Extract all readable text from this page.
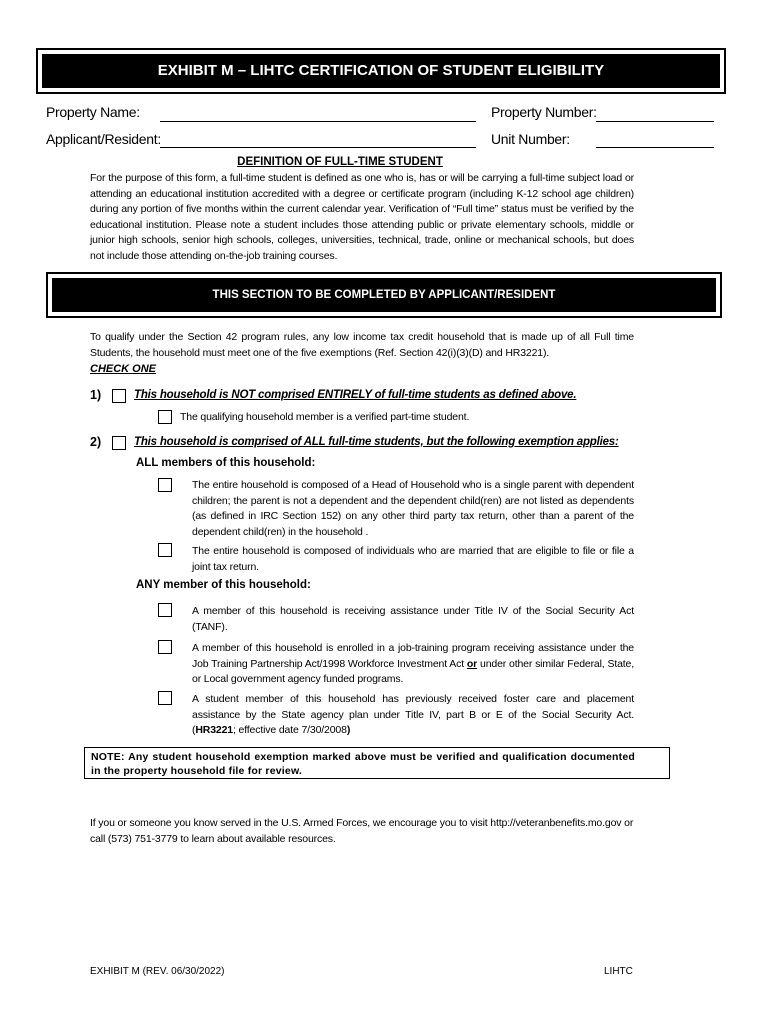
EXHIBIT M – LIHTC CERTIFICATION OF STUDENT ELIGIBILITY
Property Name:	Property Number:
Applicant/Resident:	Unit Number:
DEFINITION OF FULL-TIME STUDENT
For the purpose of this form, a full-time student is defined as one who is, has or will be carrying a full-time subject load or attending an educational institution accredited with a degree or certificate program (including K-12 school age children) during any portion of five months within the current calendar year. Verification of “Full time” status must be verified by the educational institution. Please note a student includes those attending public or private elementary schools, middle or junior high schools, senior high schools, colleges, universities, technical, trade, online or mechanical schools, but does not include those attending on-the-job training courses.
THIS SECTION TO BE COMPLETED BY APPLICANT/RESIDENT
To qualify under the Section 42 program rules, any low income tax credit household that is made up of all Full time Students, the household must meet one of the five exemptions (Ref. Section 42(i)(3)(D) and HR3221).
CHECK ONE
1)	This household is NOT comprised ENTIRELY of full-time students as defined above.
The qualifying household member is a verified part-time student.
2)	This household is comprised of ALL full-time students, but the following exemption applies:
ALL members of this household:
The entire household is composed of a Head of Household who is a single parent with dependent children; the parent is not a dependent and the dependent child(ren) are not listed as dependents (as defined in IRC Section 152) on any other third party tax return, other than a parent of the dependent child(ren) in the household .
The entire household is composed of individuals who are married that are eligible to file or file a joint tax return.
ANY member of this household:
A member of this household is receiving assistance under Title IV of the Social Security Act (TANF).
A member of this household is enrolled in a job-training program receiving assistance under the Job Training Partnership Act/1998 Workforce Investment Act or under other similar Federal, State, or Local government agency funded programs.
A student member of this household has previously received foster care and placement assistance by the State agency plan under Title IV, part B or E of the Social Security Act. (HR3221; effective date 7/30/2008)
NOTE: Any student household exemption marked above must be verified and qualification documented in the property household file for review.
If you or someone you know served in the U.S. Armed Forces, we encourage you to visit http://veteranbenefits.mo.gov or call (573) 751-3779 to learn about available resources.
EXHIBIT M (REV. 06/30/2022)	LIHTC
